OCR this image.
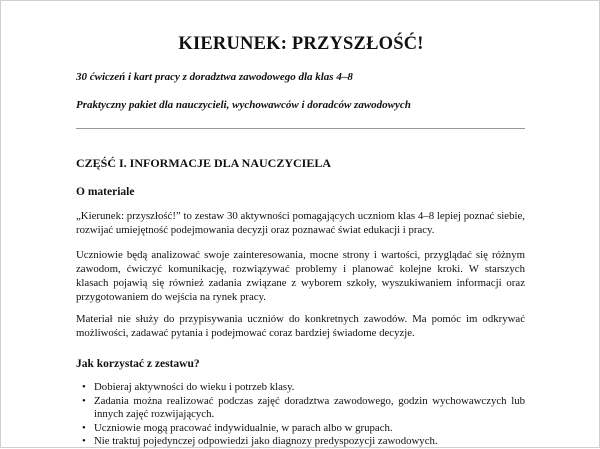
KIERUNEK: PRZYSZŁOŚĆ!

30 ćwiczeń i kart pracy z doradztwa zawodowego dla klas 4–8

Praktyczny pakiet dla nauczycieli, wychowawców i doradców zawodowych

CZĘŚĆ I. INFORMACJE DLA NAUCZYCIELA
O materiale

„Kierunek: przyszłość!” to zestaw 30 aktywności pomagających uczniom klas 4–8 lepiej poznać siebie, rozwijać umiejętność podejmowania decyzji oraz poznawać świat edukacji i pracy.

Uczniowie będą analizować swoje zainteresowania, mocne strony i wartości, przyglądać się różnym zawodom, ćwiczyć komunikację, rozwiązywać problemy i planować kolejne kroki. W starszych klasach pojawią się również zadania związane z wyborem szkoły, wyszukiwaniem informacji oraz przygotowaniem do wejścia na rynek pracy.

Materiał nie służy do przypisywania uczniów do konkretnych zawodów. Ma pomóc im odkrywać możliwości, zadawać pytania i podejmować coraz bardziej świadome decyzje.

Jak korzystać z zestawu?
• Dobieraj aktywności do wieku i potrzeb klasy.
• Zadania można realizować podczas zajęć doradztwa zawodowego, godzin wychowawczych lub innych zajęć rozwijających.
• Uczniowie mogą pracować indywidualnie, w parach albo w grupach.
• Nie traktuj pojedynczej odpowiedzi jako diagnozy predyspozycji zawodowych.
